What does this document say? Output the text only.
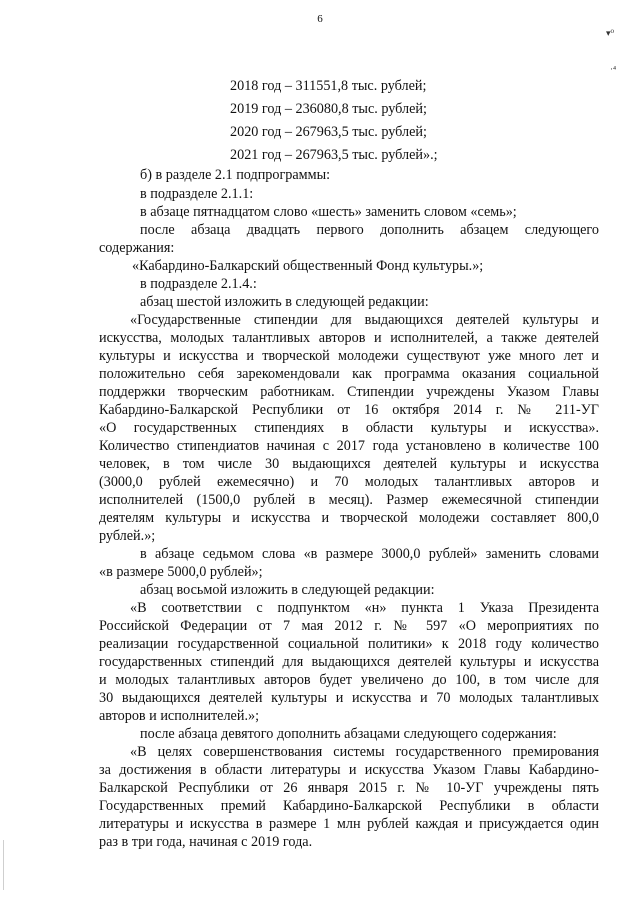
6
▾⁰
·⁴
2018 год – 311551,8 тыс. рублей;
2019 год – 236080,8 тыс. рублей;
2020 год – 267963,5 тыс. рублей;
2021 год – 267963,5 тыс. рублей».;
б) в разделе 2.1 подпрограммы:
в подразделе 2.1.1:
в абзаце пятнадцатом слово «шесть» заменить словом «семь»;
после абзаца двадцать первого дополнить абзацем следующего
содержания:
«Кабардино-Балкарский общественный Фонд культуры.»;
в подразделе 2.1.4.:
абзац шестой изложить в следующей редакции:
«Государственные стипендии для выдающихся деятелей культуры и
искусства, молодых талантливых авторов и исполнителей, а также деятелей
культуры и искусства и творческой молодежи существуют уже много лет и
положительно себя зарекомендовали как программа оказания социальной
поддержки творческим работникам. Стипендии учреждены Указом Главы
Кабардино-Балкарской Республики от 16 октября 2014 г. № 211-УГ
«О государственных стипендиях в области культуры и искусства».
Количество стипендиатов начиная с 2017 года установлено в количестве 100
человек, в том числе 30 выдающихся деятелей культуры и искусства
(3000,0 рублей ежемесячно) и 70 молодых талантливых авторов и
исполнителей (1500,0 рублей в месяц). Размер ежемесячной стипендии
деятелям культуры и искусства и творческой молодежи составляет 800,0
рублей.»;
в абзаце седьмом слова «в размере 3000,0 рублей» заменить словами
«в размере 5000,0 рублей»;
абзац восьмой изложить в следующей редакции:
«В соответствии с подпунктом «н» пункта 1 Указа Президента
Российской Федерации от 7 мая 2012 г. № 597 «О мероприятиях по
реализации государственной социальной политики» к 2018 году количество
государственных стипендий для выдающихся деятелей культуры и искусства
и молодых талантливых авторов будет увеличено до 100, в том числе для
30 выдающихся деятелей культуры и искусства и 70 молодых талантливых
авторов и исполнителей.»;
после абзаца девятого дополнить абзацами следующего содержания:
«В целях совершенствования системы государственного премирования
за достижения в области литературы и искусства Указом Главы Кабардино-
Балкарской Республики от 26 января 2015 г. № 10-УГ учреждены пять
Государственных премий Кабардино-Балкарской Республики в области
литературы и искусства в размере 1 млн рублей каждая и присуждается один
раз в три года, начиная с 2019 года.
